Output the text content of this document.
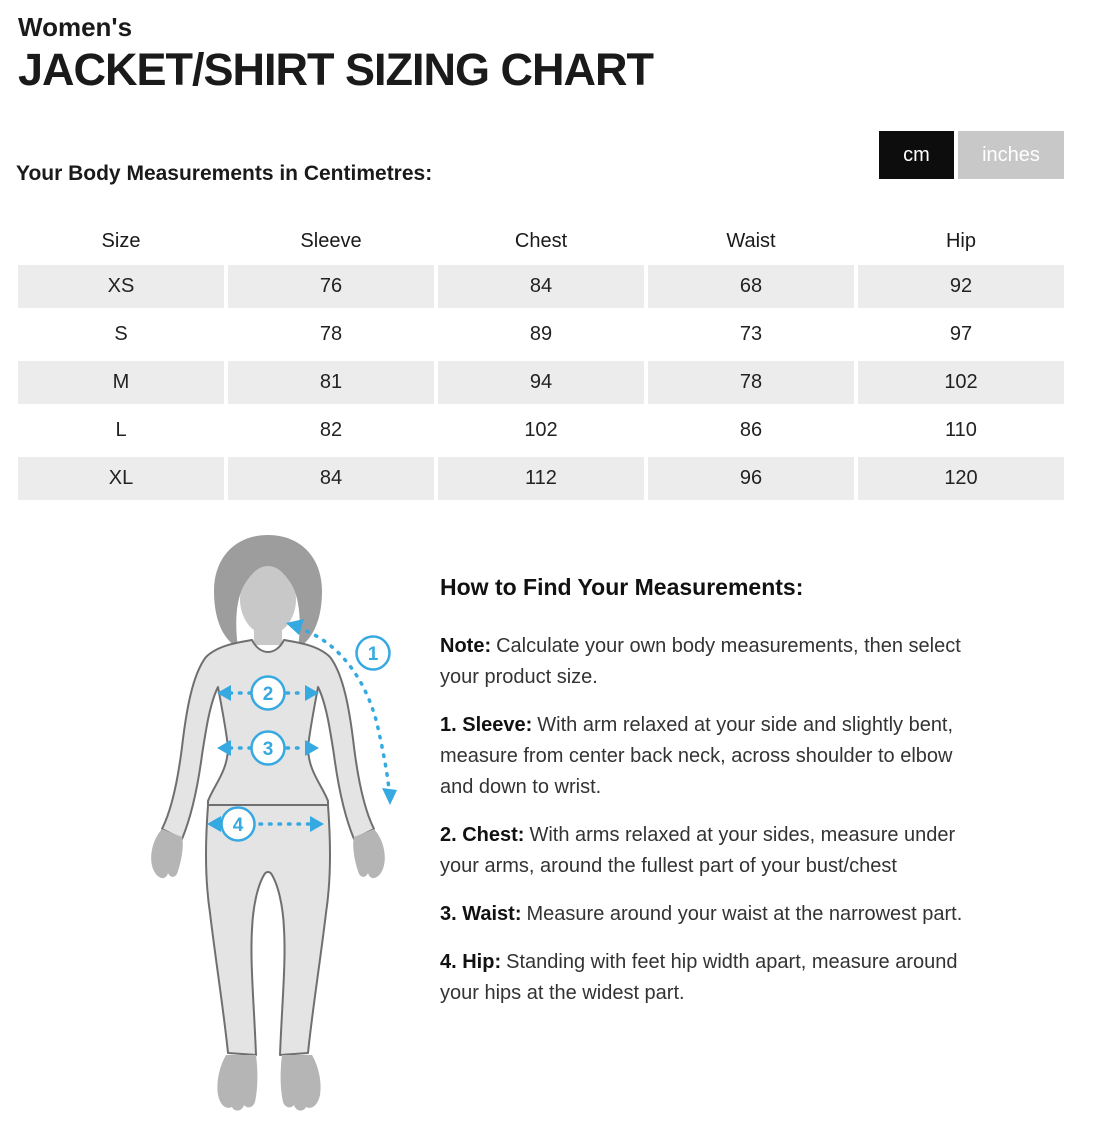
Women's
JACKET/SHIRT SIZING CHART
Your Body Measurements in Centimetres:
cm	inches
Size	Sleeve	Chest	Waist	Hip
XS	76	84	68	92
S	78	89	73	97
M	81	94	78	102
L	82	102	86	110
XL	84	112	96	120
1
2
3
4
How to Find Your Measurements:

Note: Calculate your own body measurements, then select your product size.

1. Sleeve: With arm relaxed at your side and slightly bent, measure from center back neck, across shoulder to elbow and down to wrist.

2. Chest: With arms relaxed at your sides, measure under your arms, around the fullest part of your bust/chest

3. Waist: Measure around your waist at the narrowest part.

4. Hip: Standing with feet hip width apart, measure around your hips at the widest part.
